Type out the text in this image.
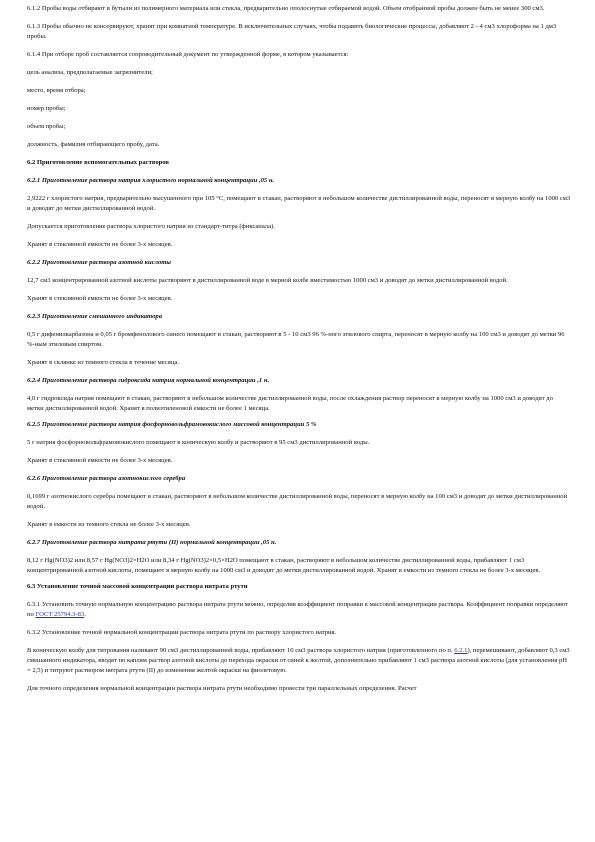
6.1.2 Пробы воды отбирают в бутыли из полимерного материала или стекла, предварительно ополоснутые отбираемой водой. Объем отобранной пробы должен быть не менее 300 см3.

6.1.3 Пробы обычно не консервируют, хранят при комнатной температуре. В исключительных случаях, чтобы подавить биологические процессы, добавляют 2 - 4 см3 хлороформа на 1 дм3 пробы.

6.1.4 При отборе проб составляется сопроводительный документ по утвержденной форме, в котором указывается:

цель анализа, предполагаемые загрязнители;

место, время отбора;

номер пробы;

объем пробы;

должность, фамилия отбирающего пробу, дата.

6.2 Приготовление вспомогательных растворов

6.2.1 Приготовление раствора натрия хлористого нормальной концентрации ,05 н.

2,9222 г хлористого натрия, предварительно высушенного при 105 °С, помещают в стакан, растворяют в небольшом количестве дистиллированной воды, переносят в мерную колбу на 1000 см3 и доводят до метки дистиллированной водой.

Допускается приготовление раствора хлористого натрия из стандарт-титра (фиксанала).

Хранят в стеклянной емкости не более 3-х месяцев.

6.2.2 Приготовление раствора азотной кислоты

12,7 см3 концентрированной азотной кислоты растворяют в дистиллированной воде в мерной колбе вместимостью 1000 см3 и доводят до метки дистиллированной водой.

Хранят в стеклянной емкости не более 3-х месяцев.

6.2.3 Приготовление смешанного индикатора

0,5 г дифенилкарбазона и 0,05 г бромфенолового синего помещают в стакан, растворяют в 5 - 10 см3 96 %-ного этилового спирта, переносят в мерную колбу на 100 см3 и доводят до метки 96 %-ным этиловым спиртом.

Хранят в склянке из темного стекла в течение месяца.

6.2.4 Приготовление раствора гидроксида натрия нормальной концентрации ,1 н.

4,0 г гидроксида натрия помещают в стакан, растворяют в небольшом количестве дистиллированной воды, после охлаждения раствор переносят в мерную колбу на 1000 см3 и доводят до метки дистиллированной водой. Хранят в полиэтиленовой емкости не более 1 месяца.

6.2.5 Приготовление раствора натрия фосфорновольфрамовокислого массовой концентрации 5 %

5 г натрия фосфорновольфрамовокислого помещают в коническую колбу и растворяют в 95 см3 дистиллированной воды.

Хранят в стеклянной емкости не более 3-х месяцев.

6.2.6 Приготовление раствора азотнокислого серебра

0,1699 г азотнокислого серебра помещают в стакан, растворяют в небольшом количестве дистиллированной воды, переносят в мерную колбу на 100 см3 и доводят до метки дистиллированной водой.

Хранят в емкости из темного стекла не более 3-х месяцев.

6.2.7 Приготовление раствора нитрата ртути (II) нормальной концентрации ,05 н.

8,12 г Hg(NO3)2 или 8,57 г Hg(NO3)2×H2O или 8,34 г Hg(NO3)2×0,5×H2O помещают в стакан, растворяют в небольшом количестве дистиллированной воды, прибавляют 1 см3 концентрированной азотной кислоты, помещают в мерную колбу на 1000 см3 и доводят до метки дистиллированной водой. Хранят в емкости из темного стекла не более 3-х месяцев.

6.3 Установление точной массовой концентрации раствора нитрата ртути

6.3.1 Установить точную нормальную концентрацию раствора нитрата ртути можно, определив коэффициент поправки к массовой концентрации раствора. Коэффициент поправки определяют по ГОСТ 25794.3-83.

6.3.2 Установление точной нормальной концентрации раствора нитрата ртути по раствору хлористого натрия.

В коническую колбу для титрования наливают 90 см3 дистиллированной воды, прибавляют 10 см3 раствора хлористого натрия (приготовленного по п. 6.2.1), перемешивают, добавляют 0,3 см3 смешанного индикатора, вводят по каплям раствор азотной кислоты до перехода окраски от синей к желтой, дополнительно прибавляют 1 см3 раствора азотной кислоты (для установления pH = 2,5) и титруют раствором нитрата ртути (II) до изменения желтой окраски на фиолетовую.

Для точного определения нормальной концентрации раствора нитрата ртути необходимо провести три параллельных определения. Расчет
